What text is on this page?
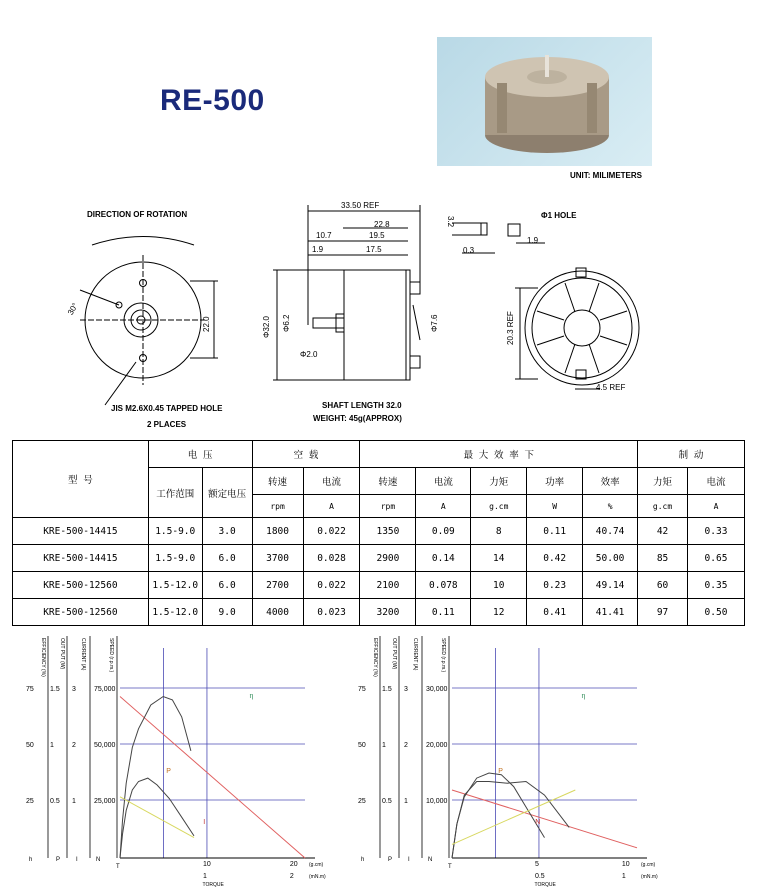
RE-500
UNIT: MILIMETERS
DIRECTION OF ROTATION
JIS M2.6X0.45 TAPPED HOLE
2 PLACES
SHAFT LENGTH 32.0
WEIGHT: 45g(APPROX)
Φ1 HOLE
33.50 REF
22.8
10.7	19.5
1.9	17.5
Φ32.0 Φ6.2
Φ2.0
Φ7.6
22.0
30°
3.2
0.3
1.9
20.3 REF
4.5 REF
型 号	电 压		空 载		最 大 效 率 下					制 动	
	工作范围	额定电压	转速	电流	转速	电流	力矩	功率	效率	力矩	电流
			rpm	A	rpm	A	g.cm	W	%	g.cm	A
KRE-500-14415	1.5-9.0	3.0	1800	0.022	1350	0.09	8	0.11	40.74	42	0.33
KRE-500-14415	1.5-9.0	6.0	3700	0.028	2900	0.14	14	0.42	50.00	85	0.65
KRE-500-12560	1.5-12.0	6.0	2700	0.022	2100	0.078	10	0.23	49.14	60	0.35
KRE-500-12560	1.5-12.0	9.0	4000	0.023	3200	0.11	12	0.41	41.41	97	0.50
EFFICIENCY (%)	OUT PUT (W)	CURRENT (A)	SPEED (r.p.m.)
75
50
25
1.5
1
0.5
3
2
1
75,000
50,000
25,000
h	P	I	N
10	20
1	2
(g.cm)
(mN.m)
TORQUE
T
η
P
I
EFFICIENCY (%)	OUT PUT (W)	CURRENT (A)	SPEED (r.p.m.)
75
50
25
1.5
1
0.5
3
2
1
30,000
20,000
10,000
h	P	I	N
5	10
0.5	1
(g.cm)
(mN.m)
TORQUE
T
η
P
N
